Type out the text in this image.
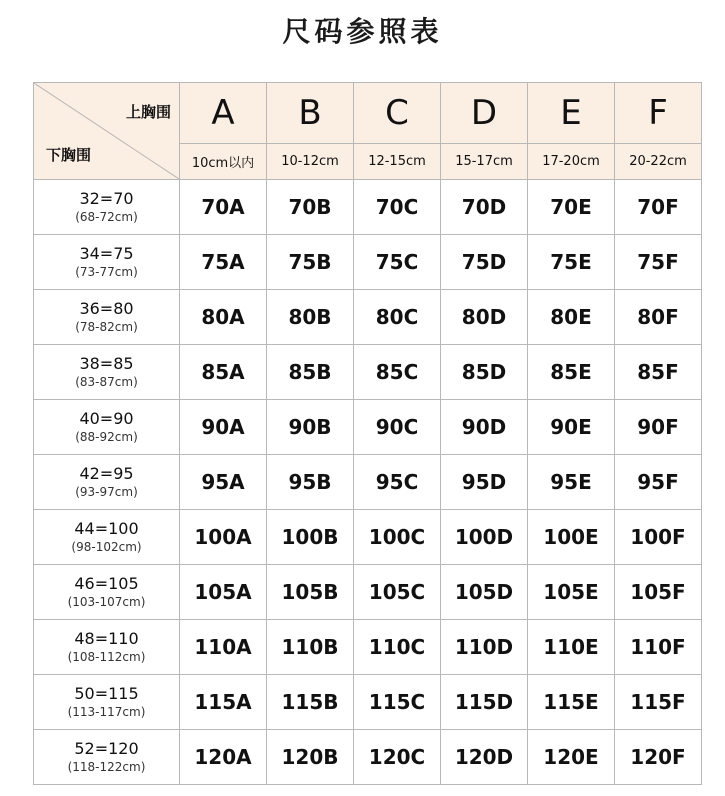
尺码参照表
上胸围
下胸围	A	B	C	D	E	F
	10cm以内	10-12cm	12-15cm	15-17cm	17-20cm	20-22cm

32=70
(68-72cm)	70A	70B	70C	70D	70E	70F

34=75
(73-77cm)	75A	75B	75C	75D	75E	75F

36=80
(78-82cm)	80A	80B	80C	80D	80E	80F

38=85
(83-87cm)	85A	85B	85C	85D	85E	85F

40=90
(88-92cm)	90A	90B	90C	90D	90E	90F

42=95
(93-97cm)	95A	95B	95C	95D	95E	95F

44=100
(98-102cm)	100A	100B	100C	100D	100E	100F

46=105
(103-107cm)	105A	105B	105C	105D	105E	105F

48=110
(108-112cm)	110A	110B	110C	110D	110E	110F

50=115
(113-117cm)	115A	115B	115C	115D	115E	115F

52=120
(118-122cm)	120A	120B	120C	120D	120E	120F
